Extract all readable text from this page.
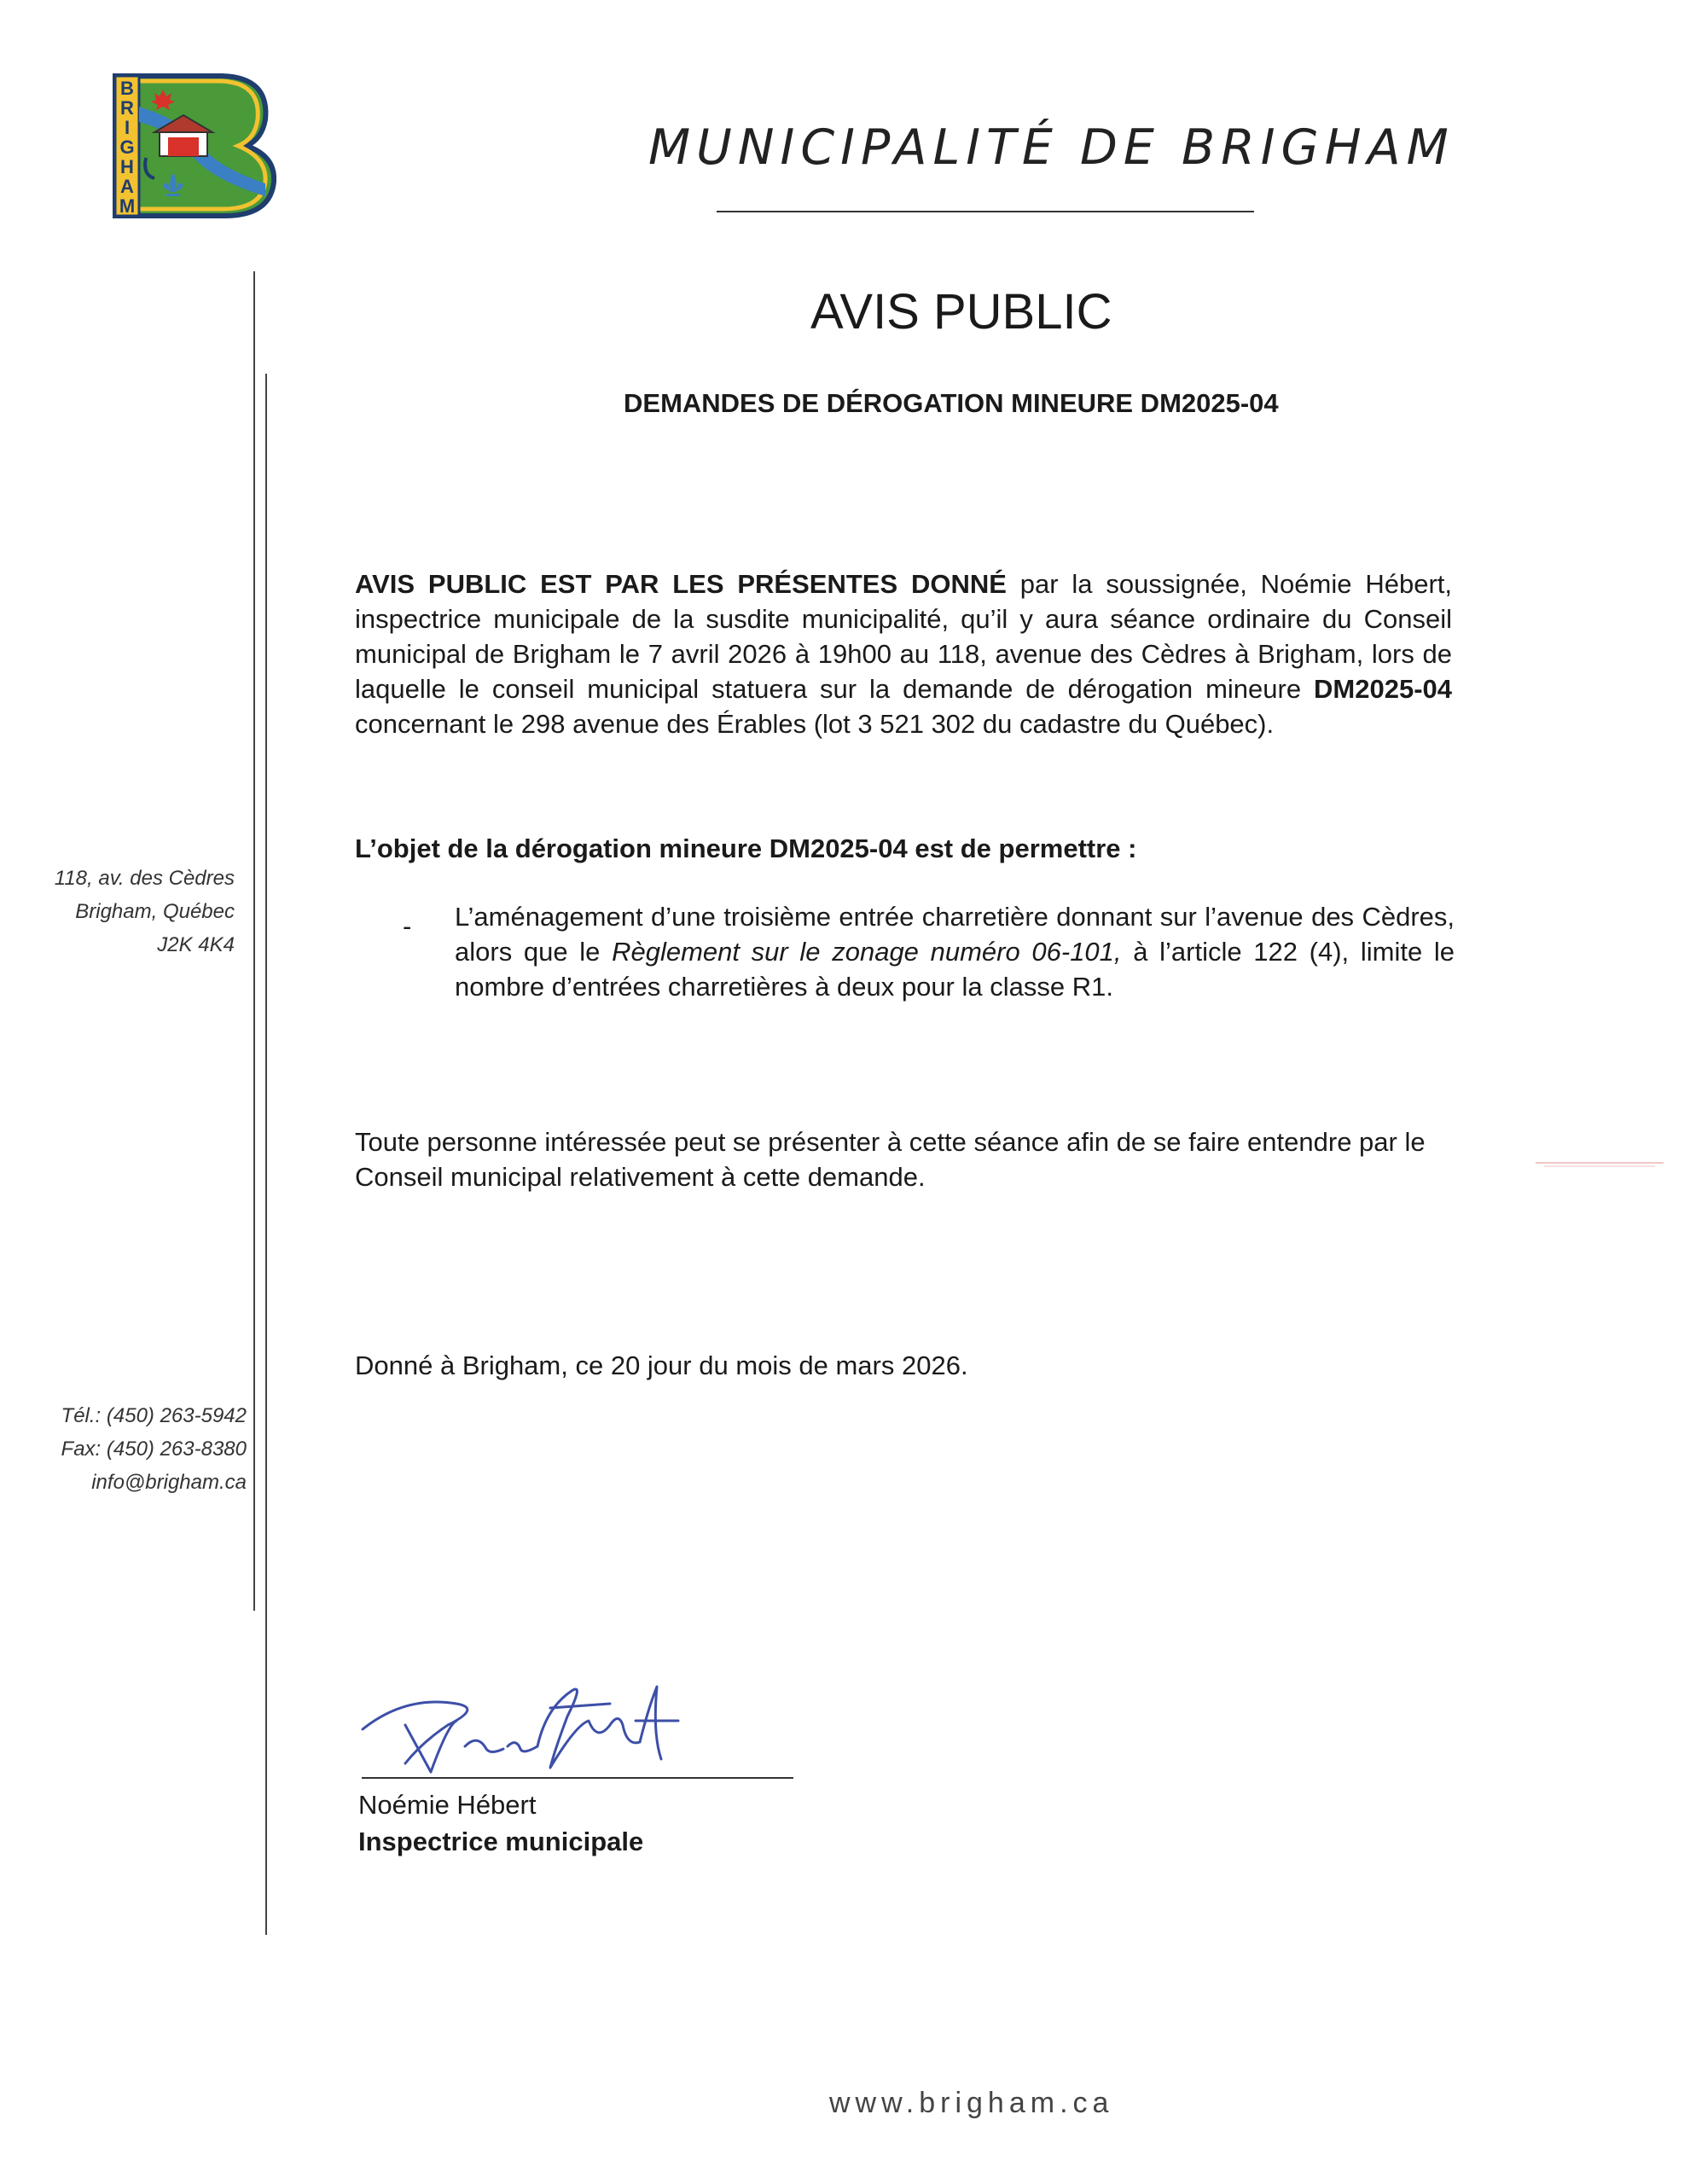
B
R
I
G
H
A
M
MUNICIPALITÉ DE BRIGHAM
118, av. des Cèdres
Brigham, Québec
J2K 4K4
Tél.: (450) 263-5942
Fax: (450) 263-8380
info@brigham.ca
AVIS PUBLIC
DEMANDES DE DÉROGATION MINEURE DM2025-04
AVIS PUBLIC EST PAR LES PRÉSENTES DONNÉ par la soussignée, Noémie Hébert, inspectrice municipale de la susdite municipalité, qu’il y aura séance ordinaire du Conseil municipal de Brigham le 7 avril 2026 à 19h00 au 118, avenue des Cèdres à Brigham, lors de laquelle le conseil municipal statuera sur la demande de dérogation mineure DM2025-04 concernant le 298 avenue des Érables (lot 3 521 302 du cadastre du Québec).
L’objet de la dérogation mineure DM2025-04 est de permettre :
- L’aménagement d’une troisième entrée charretière donnant sur l’avenue des Cèdres, alors que le Règlement sur le zonage numéro 06-101, à l’article 122 (4), limite le nombre d’entrées charretières à deux pour la classe R1.
Toute personne intéressée peut se présenter à cette séance afin de se faire entendre par le Conseil municipal relativement à cette demande.
Donné à Brigham, ce 20 jour du mois de mars 2026.
Noémie Hébert
Inspectrice municipale
www.brigham.ca
